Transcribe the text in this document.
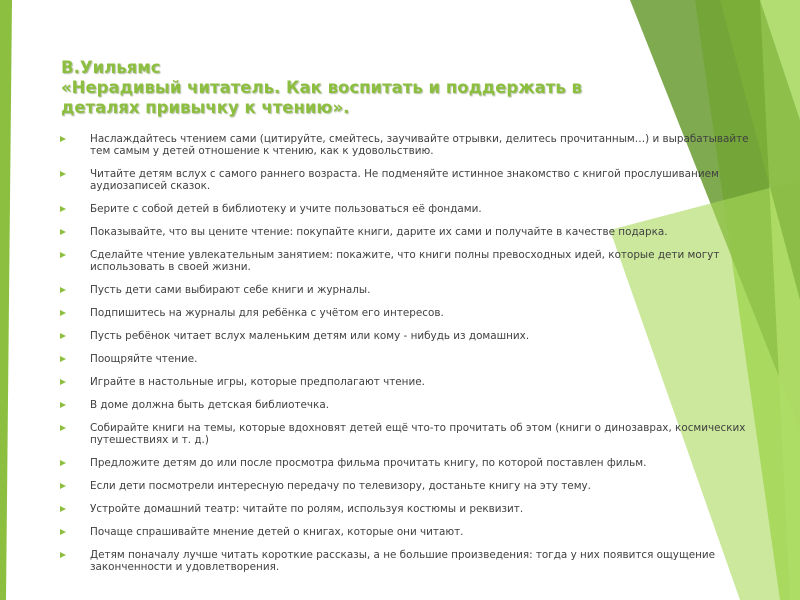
В.Уильямс
«Нерадивый читатель. Как воспитать и поддержать в
деталях привычку к чтению».
Наслаждайтесь чтением сами (цитируйте, смейтесь, заучивайте отрывки, делитесь прочитанным…) и вырабатывайте тем самым у детей отношение к чтению, как к удовольствию.
Читайте детям вслух с самого раннего возраста. Не подменяйте истинное знакомство с книгой прослушиванием аудиозаписей сказок.
Берите с собой детей в библиотеку и учите пользоваться её фондами.
Показывайте, что вы цените чтение: покупайте книги, дарите их сами и получайте в качестве подарка.
Сделайте чтение увлекательным занятием: покажите, что книги полны превосходных идей, которые дети могут использовать в своей жизни.
Пусть дети сами выбирают себе книги и журналы.
Подпишитесь на журналы для ребёнка с учётом его интересов.
Пусть ребёнок читает вслух маленьким детям или кому - нибудь из домашних.
Поощряйте чтение.
Играйте в настольные игры, которые предполагают чтение.
В доме должна быть детская библиотечка.
Собирайте книги на темы, которые вдохновят детей ещё что-то прочитать об этом (книги о динозаврах, космических путешествиях и т. д.)
Предложите детям до или после просмотра фильма прочитать книгу, по которой поставлен фильм.
Если дети посмотрели интересную передачу по телевизору, достаньте книгу на эту тему.
Устройте домашний театр: читайте по ролям, используя костюмы и реквизит.
Почаще спрашивайте мнение детей о книгах, которые они читают.
Детям поначалу лучше читать короткие рассказы, а не большие произведения: тогда у них появится ощущение законченности и удовлетворения.
